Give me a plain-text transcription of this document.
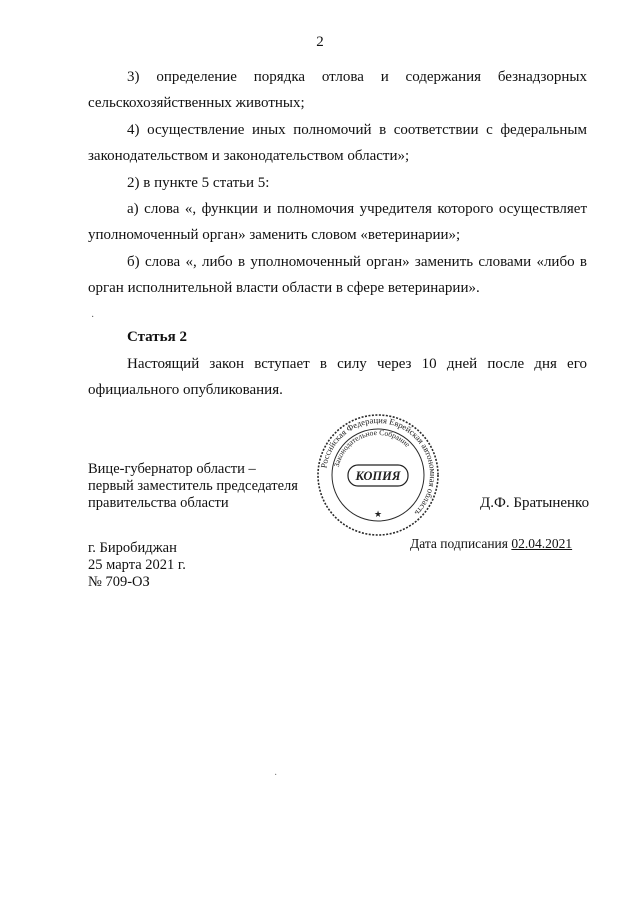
2
3) определение порядка отлова и содержания безнадзорных
сельскохозяйственных животных;
4) осуществление иных полномочий в соответствии с федеральным
законодательством и законодательством области»;
2) в пункте 5 статьи 5:
а) слова «, функции и полномочия учредителя которого осуществляет
уполномоченный орган» заменить словом «ветеринарии»;
б) слова «, либо в уполномоченный орган» заменить словами «либо в
орган исполнительной власти области в сфере ветеринарии».
·
Статья 2
Настоящий закон вступает в силу через 10 дней после дня его
официального опубликования.
Вице-губернатор области –
первый заместитель председателя
правительства области
Российская Федерация Еврейская автономная область
Законодательное Собрание
КОПИЯ
★
Д.Ф. Братыненко
г. Биробиджан
25 марта 2021 г.
№ 709-ОЗ
Дата подписания 02.04.2021
·
